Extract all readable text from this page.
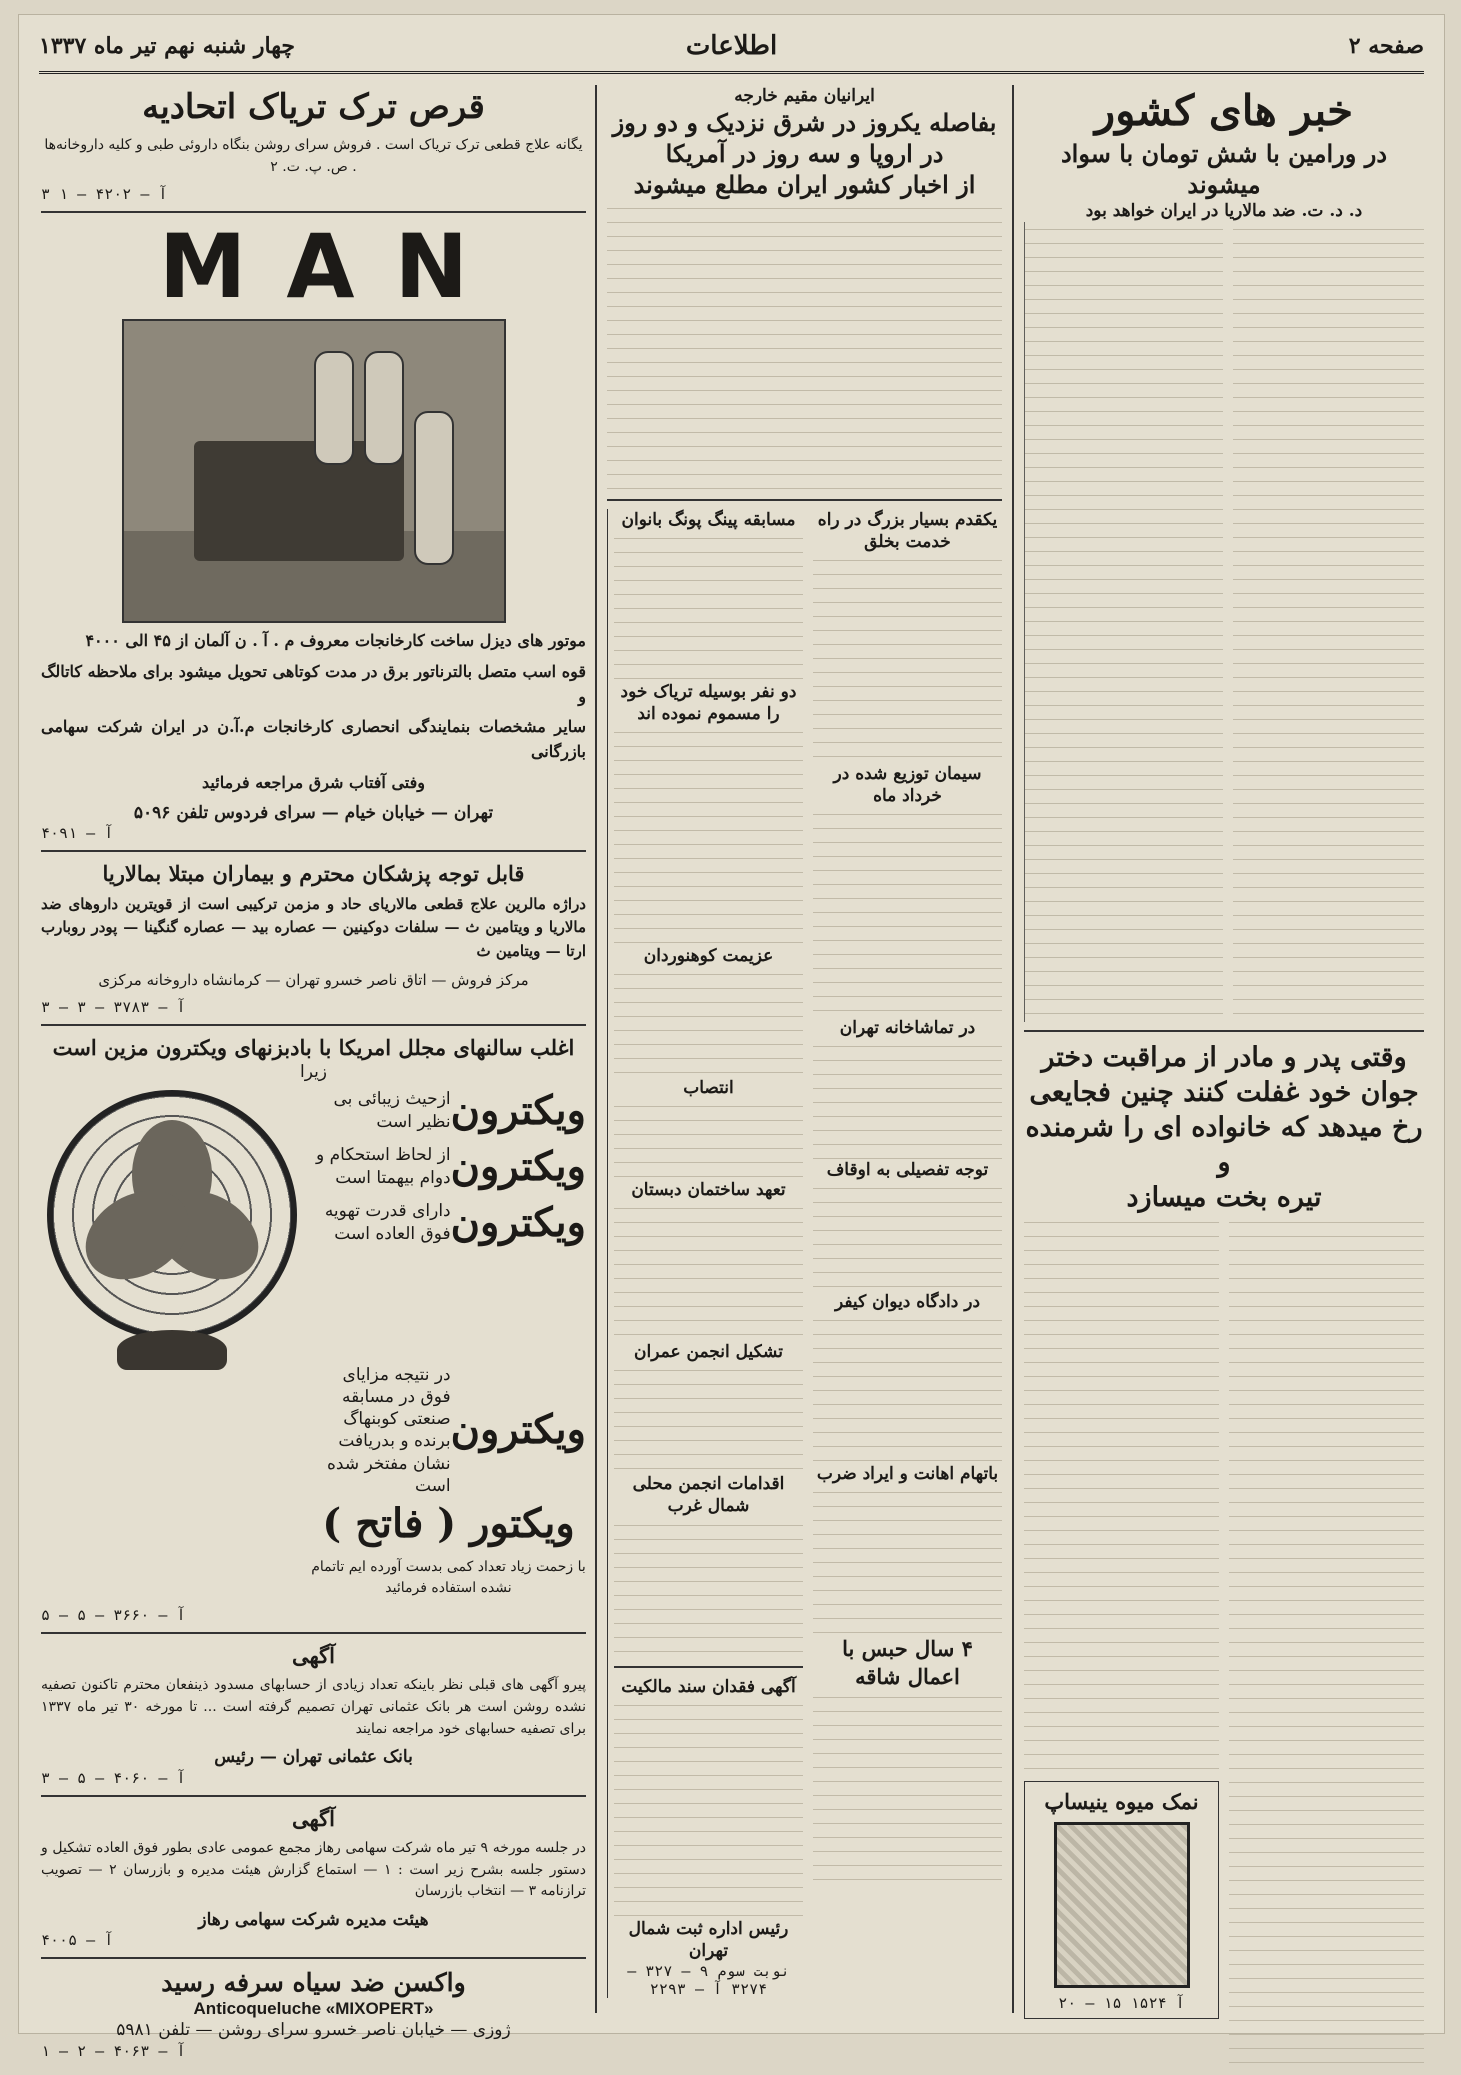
صفحه ۲
اطلاعات
چهار شنبه نهم تیر ماه ۱۳۳۷
خبر های کشور
در ورامین با شش تومان با سواد میشوند
د. د. ت. ضد مالاریا در ایران خواهد بود
وقتی پدر و مادر از مراقبت دختر
جوان خود غفلت کنند چنین فجایعی
رخ میدهد که خانواده ای را شرمنده و
تیره بخت میسازد
نمک میوه ینیساپ
آ ۱۵۲۴ ۱۵ — ۲۰
ایرانیان مقیم خارجه
بفاصله یکروز در شرق نزدیک و دو روز
در اروپا و سه روز در آمریکا
از اخبار کشور ایران مطلع میشوند
یکقدم بسیار بزرگ در راه خدمت بخلق
سیمان توزیع شده در خرداد ماه
در تماشاخانه تهران
توجه تفصیلی به اوقاف
در دادگاه دیوان کیفر
باتهام اهانت و ایراد ضرب
۴ سال حبس با اعمال شاقه
مسابقه پینگ پونگ بانوان
دو نفر بوسیله تریاک خود را مسموم نموده اند
عزیمت کوهنوردان
انتصاب
تعهد ساختمان دبستان
تشکیل انجمن عمران
اقدامات انجمن محلی شمال غرب
آگهی فقدان سند مالکیت
رئیس اداره ثبت شمال تهران
نوبت سوم ۹ — ۳۲۷ — ۳۲۷۴ آ — ۲۲۹۳
قرص ترک تریاک اتحادیه

یگانه علاج قطعی ترک تریاک است . فروش سرای روشن بنگاه داروئی طبی و کلیه داروخانه‌ها . ص. پ. ت. ۲

آ — ۴۲۰۲ — ۱ ۳
MAN

موتور های دیزل ساخت کارخانجات معروف م . آ . ن آلمان از ۴۵ الی ۴۰۰۰

قوه اسب متصل بالترناتور برق در مدت کوتاهی تحویل میشود برای ملاحظه کاتالگ و

سایر مشخصات بنمایندگی انحصاری کارخانجات م.آ.ن در ایران شرکت سهامی بازرگانی

وفتی آفتاب شرق مراجعه فرمائید

تهران — خیابان خیام — سرای فردوس تلفن ۵۰۹۶
آ — ۴۰۹۱
قابل توجه پزشکان محترم و بیماران مبتلا بمالاریا

دراژه مالرین علاج قطعی مالاریای حاد و مزمن ترکیبی است از قویترین داروهای ضد مالاریا و ویتامین ث — سلفات دوکینین — عصاره بید — عصاره گنگینا — پودر روبارب ارتا — ویتامین ث

مرکز فروش — اتاق ناصر خسرو تهران — کرمانشاه داروخانه مرکزی

آ — ۳۷۸۳ — ۳ — ۳
اغلب سالنهای مجلل امریکا با بادبزنهای ویکترون مزین است
زیرا
ویکترون
ازحیث زیبائی بی نظیر است
ویکترون
از لحاظ استحکام و دوام بیهمتا است
ویکترون
دارای قدرت تهویه فوق العاده است
ویکترون
در نتیجه مزایای فوق در مسابقه صنعتی کوبنهاگ برنده و بدریافت نشان مفتخر شده است
ویکتور ( فاتح )

با زحمت زیاد تعداد کمی بدست آورده ایم تاتمام نشده استفاده فرمائید

آ — ۳۶۶۰ — ۵ — ۵
آگهی

پیرو آگهی های قبلی نظر باینکه تعداد زیادی از حسابهای مسدود ذینفعان محترم تاکنون تصفیه نشده روشن است هر بانک عثمانی تهران تصمیم گرفته است ... تا مورخه ۳۰ تیر ماه ۱۳۳۷ برای تصفیه حسابهای خود مراجعه نمایند

بانک عثمانی تهران — رئیس
آ — ۴۰۶۰ — ۵ — ۳
آگهی

در جلسه مورخه ۹ تیر ماه شرکت سهامی رهاز مجمع عمومی عادی بطور فوق العاده تشکیل و دستور جلسه بشرح زیر است : ۱ — استماع گزارش هیئت مدیره و بازرسان ۲ — تصویب ترازنامه ۳ — انتخاب بازرسان

هیئت مدیره شرکت سهامی رهاز
آ — ۴۰۰۵
واکسن ضد سیاه سرفه رسید
Anticoqueluche «MIXOPERT»
ژوزی — خیابان ناصر خسرو سرای روشن — تلفن ۵۹۸۱
آ — ۴۰۶۳ — ۲ — ۱
